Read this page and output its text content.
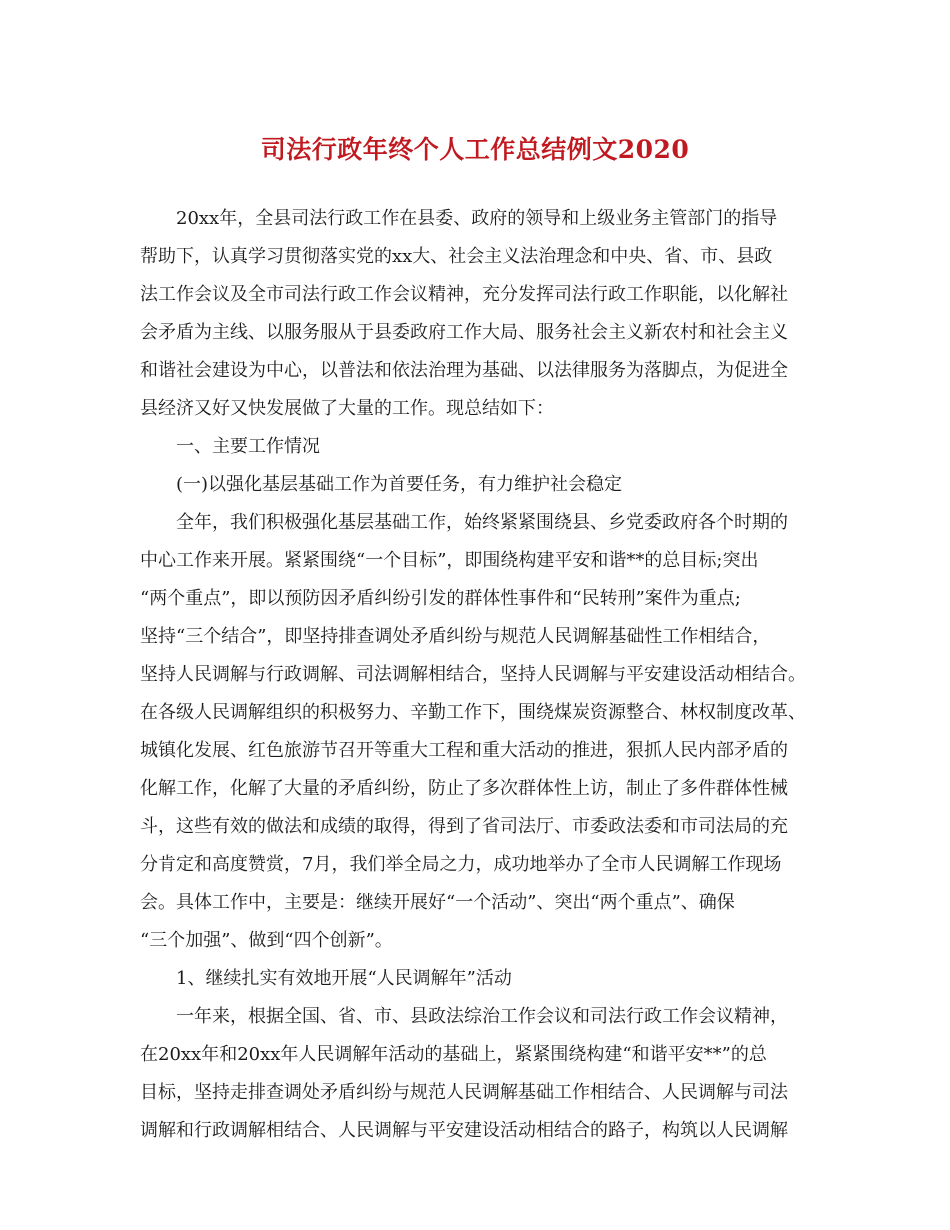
司法行政年终个人工作总结例文2020

　　20xx年，全县司法行政工作在县委、政府的领导和上级业务主管部门的指导

帮助下，认真学习贯彻落实党的xx大、社会主义法治理念和中央、省、市、县政

法工作会议及全市司法行政工作会议精神，充分发挥司法行政工作职能，以化解社

会矛盾为主线、以服务服从于县委政府工作大局、服务社会主义新农村和社会主义

和谐社会建设为中心，以普法和依法治理为基础、以法律服务为落脚点，为促进全

县经济又好又快发展做了大量的工作。现总结如下：

　　一、主要工作情况

　　(一)以强化基层基础工作为首要任务，有力维护社会稳定

　　全年，我们积极强化基层基础工作，始终紧紧围绕县、乡党委政府各个时期的

中心工作来开展。紧紧围绕“一个目标”，即围绕构建平安和谐**的总目标;突出

“两个重点”，即以预防因矛盾纠纷引发的群体性事件和“民转刑”案件为重点;

坚持“三个结合”，即坚持排查调处矛盾纠纷与规范人民调解基础性工作相结合，

坚持人民调解与行政调解、司法调解相结合，坚持人民调解与平安建设活动相结合。

在各级人民调解组织的积极努力、辛勤工作下，围绕煤炭资源整合、林权制度改革、

城镇化发展、红色旅游节召开等重大工程和重大活动的推进，狠抓人民内部矛盾的

化解工作，化解了大量的矛盾纠纷，防止了多次群体性上访，制止了多件群体性械

斗，这些有效的做法和成绩的取得，得到了省司法厅、市委政法委和市司法局的充

分肯定和高度赞赏，7月，我们举全局之力，成功地举办了全市人民调解工作现场

会。具体工作中，主要是：继续开展好“一个活动”、突出“两个重点”、确保

“三个加强”、做到“四个创新”。

　　1、继续扎实有效地开展“人民调解年”活动

　　一年来，根据全国、省、市、县政法综治工作会议和司法行政工作会议精神，

在20xx年和20xx年人民调解年活动的基础上，紧紧围绕构建“和谐平安**”的总

目标，坚持走排查调处矛盾纠纷与规范人民调解基础工作相结合、人民调解与司法

调解和行政调解相结合、人民调解与平安建设活动相结合的路子，构筑以人民调解
